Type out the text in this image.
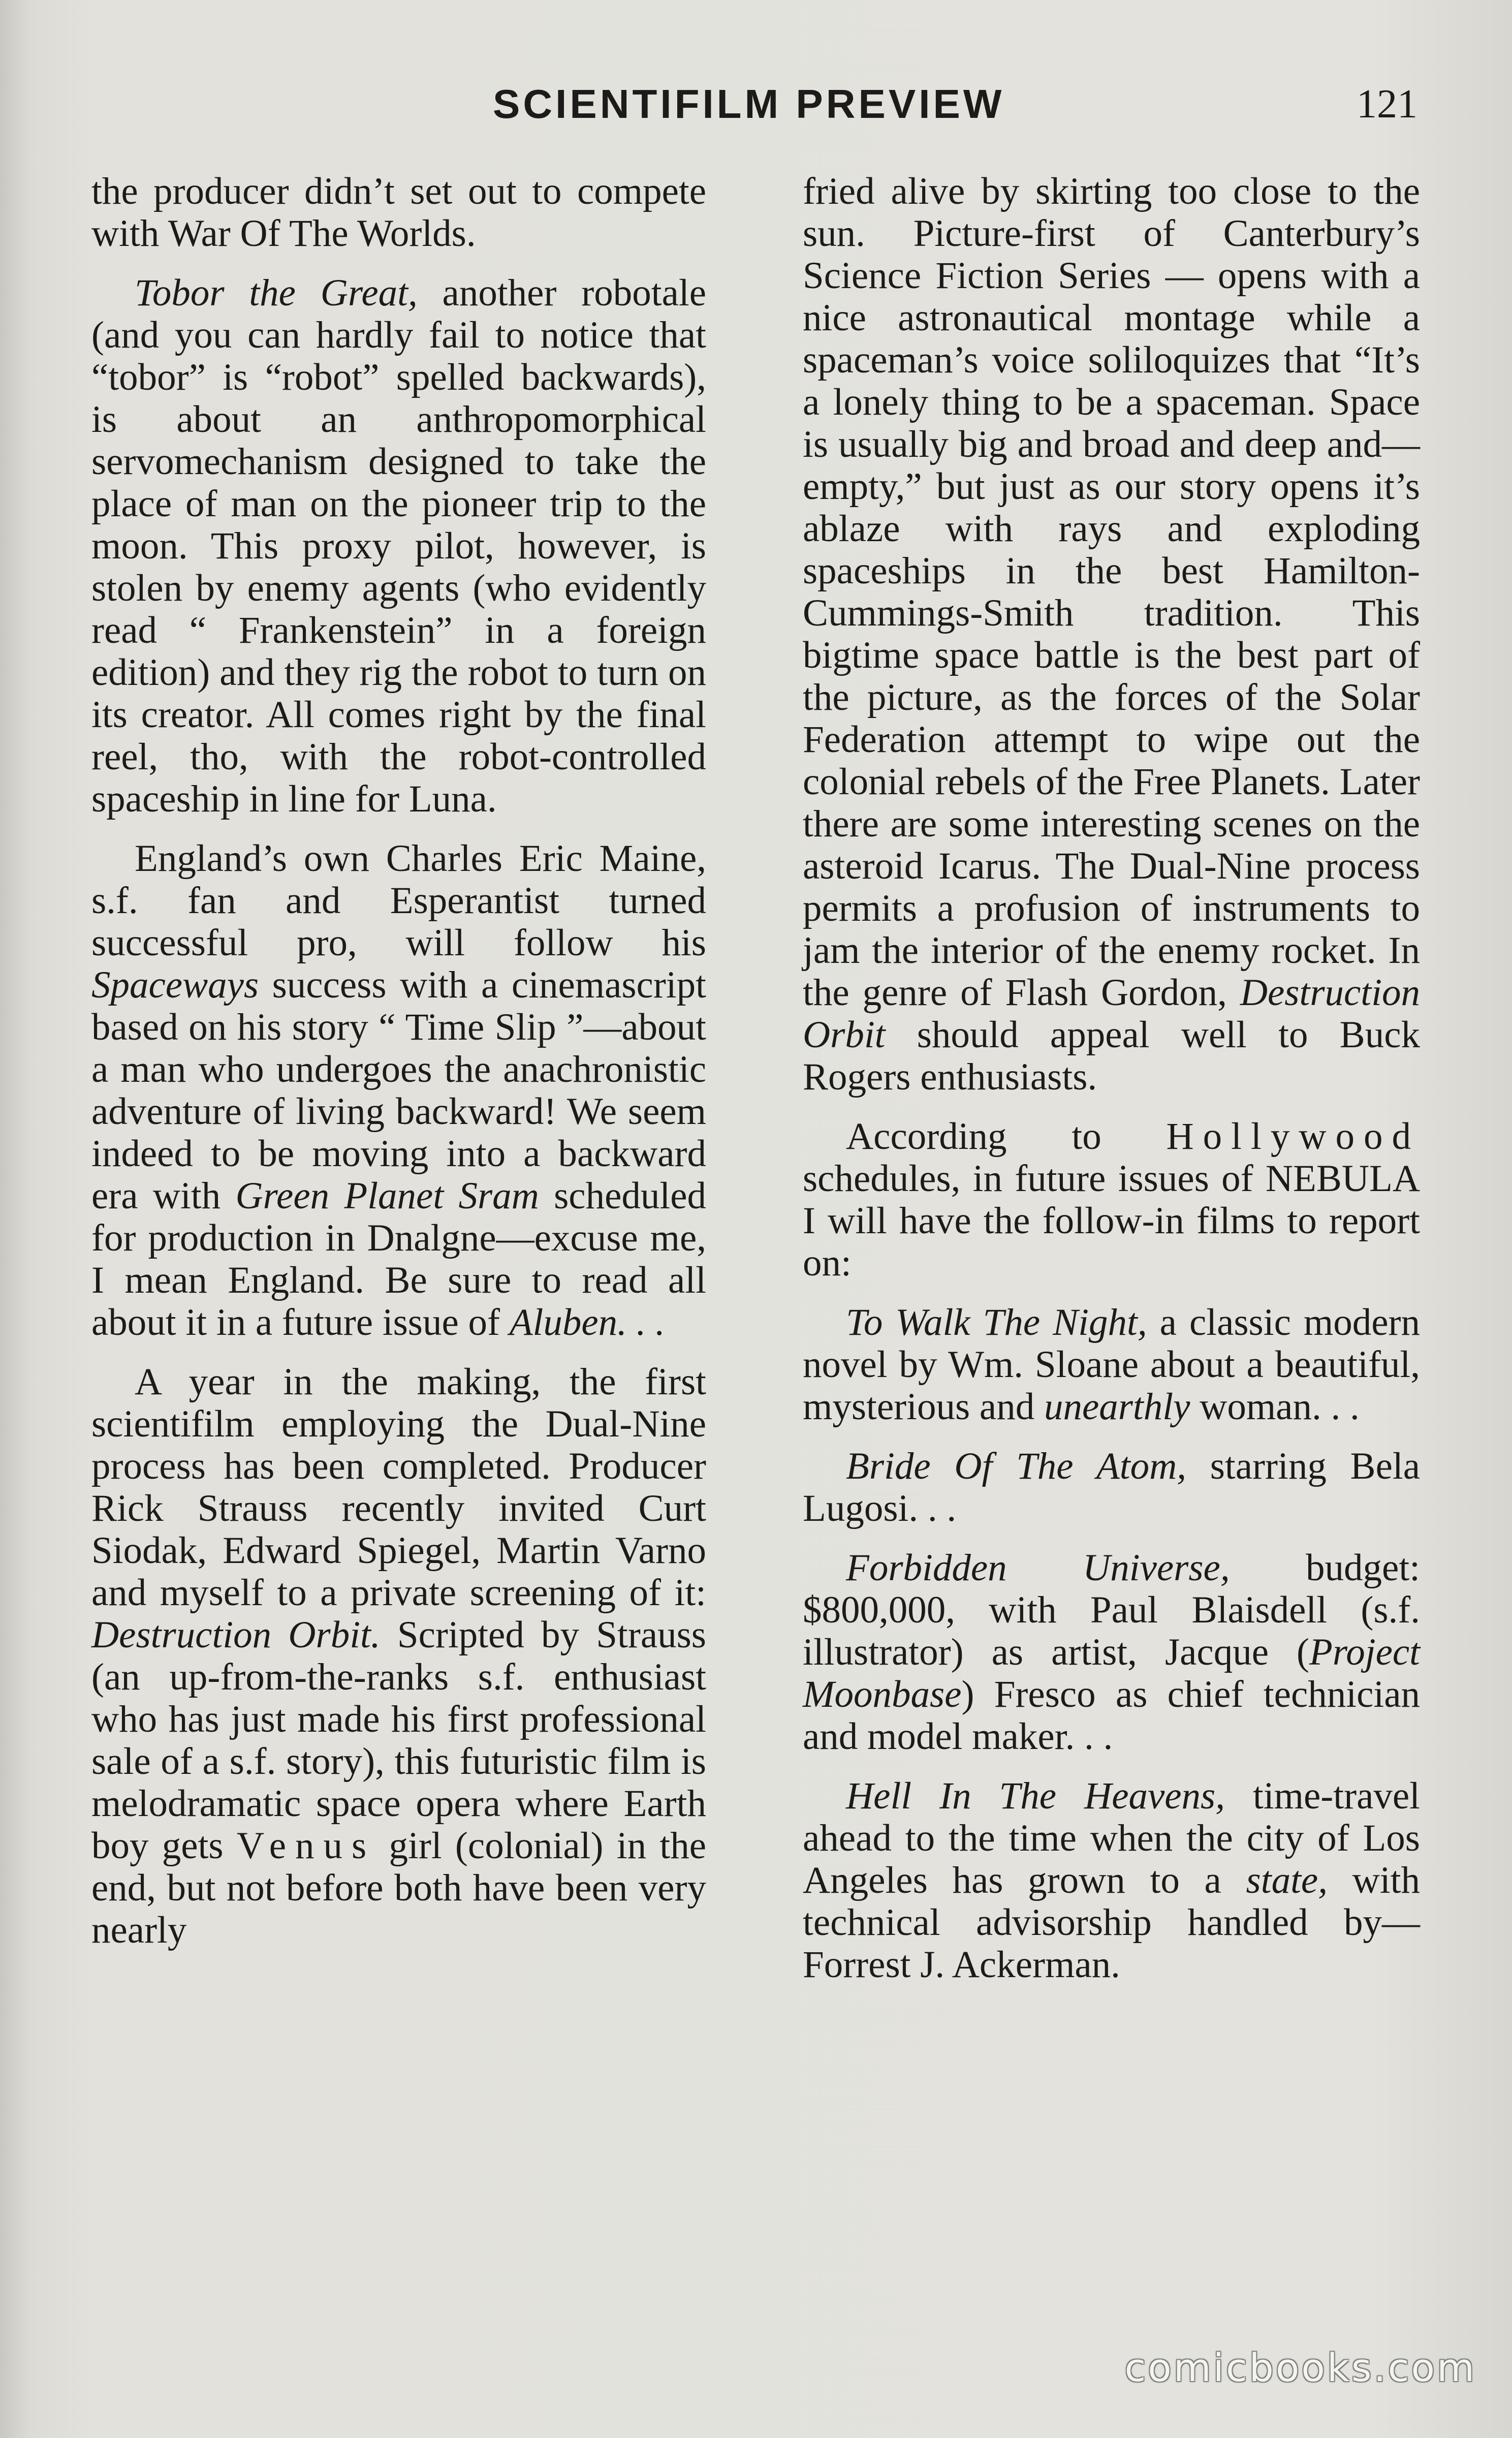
SCIENTIFILM PREVIEW	121

the producer didn’t set out to compete with War Of The Worlds.

Tobor the Great, another robotale (and you can hardly fail to notice that “tobor” is “robot” spelled backwards), is about an anthropomorphical servomechanism designed to take the place of man on the pioneer trip to the moon. This proxy pilot, however, is stolen by enemy agents (who evidently read “ Frankenstein” in a foreign edition) and they rig the robot to turn on its creator. All comes right by the final reel, tho, with the robot-controlled spaceship in line for Luna.

England’s own Charles Eric Maine, s.f. fan and Esperantist turned successful pro, will follow his Spaceways success with a cinemascript based on his story “ Time Slip ”—about a man who undergoes the anachronistic adventure of living backward! We seem indeed to be moving into a backward era with Green Planet Sram scheduled for production in Dnalgne—excuse me, I mean England. Be sure to read all about it in a future issue of Aluben. . .

A year in the making, the first scientifilm employing the Dual-Nine process has been completed. Producer Rick Strauss recently invited Curt Siodak, Edward Spiegel, Martin Varno and myself to a private screening of it: Destruction Orbit. Scripted by Strauss (an up-from-the-ranks s.f. enthusiast who has just made his first professional sale of a s.f. story), this futuristic film is melodramatic space opera where Earth boy gets Venus girl (colonial) in the end, but not before both have been very nearly

fried alive by skirting too close to the sun. Picture-first of Canterbury’s Science Fiction Series — opens with a nice astronautical montage while a spaceman’s voice soliloquizes that “It’s a lonely thing to be a spaceman. Space is usually big and broad and deep and—empty,” but just as our story opens it’s ablaze with rays and exploding spaceships in the best Hamilton-Cummings-Smith tradition. This bigtime space battle is the best part of the picture, as the forces of the Solar Federation attempt to wipe out the colonial rebels of the Free Planets. Later there are some interesting scenes on the asteroid Icarus. The Dual-Nine process permits a profusion of instruments to jam the interior of the enemy rocket. In the genre of Flash Gordon, Destruction Orbit should appeal well to Buck Rogers enthusiasts.

According to Hollywood schedules, in future issues of NEBULA I will have the follow-in films to report on:

To Walk The Night, a classic modern novel by Wm. Sloane about a beautiful, mysterious and unearthly woman. . .

Bride Of The Atom, starring Bela Lugosi. . .

Forbidden Universe, budget: $800,000, with Paul Blaisdell (s.f. illustrator) as artist, Jacque (Project Moonbase) Fresco as chief technician and model maker. . .

Hell In The Heavens, time-travel ahead to the time when the city of Los Angeles has grown to a state, with technical advisorship handled by—Forrest J. Ackerman.

comicbooks.com
